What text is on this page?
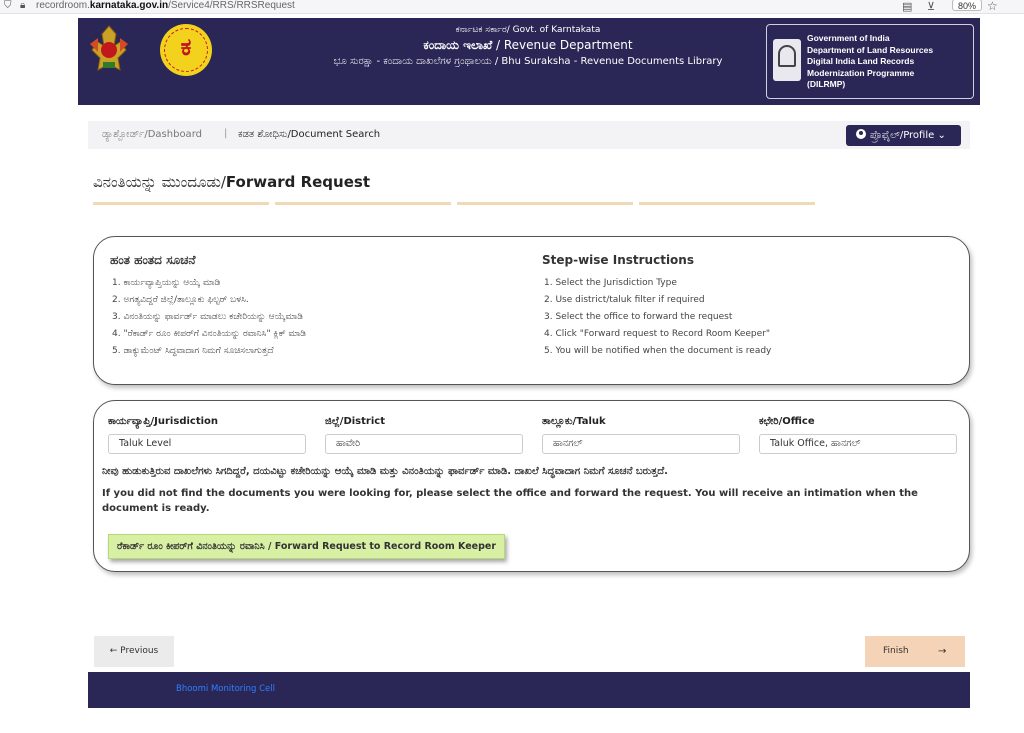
⛉ 🔒︎ recordroom.karnataka.gov.in/Service4/RRS/RRSRequest	▤ ⊻	80% ☆
ಕ
ಕರ್ನಾಟಕ ಸರ್ಕಾರ/ Govt. of Karntakata
ಕಂದಾಯ ಇಲಾಖೆ / Revenue Department
ಭೂ ಸುರಕ್ಷಾ - ಕಂದಾಯ ದಾಖಲೆಗಳ ಗ್ರಂಥಾಲಯ / Bhu Suraksha - Revenue Documents Library
Government of India
Department of Land Resources
Digital India Land Records
Modernization Programme
(DILRMP)
ಡ್ಯಾಶ್ಬೋರ್ಡ್/Dashboard | ಕಡತ ಶೋಧಿಸು/Document Search	ಪ್ರೊಫೈಲ್/Profile ⌄
ವಿನಂತಿಯನ್ನು ಮುಂದೂಡು/Forward Request
ಹಂತ ಹಂತದ ಸೂಚನೆ
1. ಕಾರ್ಯವ್ಯಾಪ್ತಿಯನ್ನು ಆಯ್ಕೆ ಮಾಡಿ
2. ಅಗತ್ಯವಿದ್ದರೆ ಜಿಲ್ಲೆ/ತಾಲ್ಲೂಕು ಫಿಲ್ಟರ್ ಬಳಸಿ.
3. ವಿನಂತಿಯನ್ನು ಫಾರ್ವರ್ಡ್ ಮಾಡಲು ಕಚೇರಿಯನ್ನು ಆಯ್ಕೆಮಾಡಿ
4. "ರೆಕಾರ್ಡ್ ರೂಂ ಕೀಪರ್‌ಗೆ ವಿನಂತಿಯನ್ನು ರವಾನಿಸಿ" ಕ್ಲಿಕ್ ಮಾಡಿ
5. ಡಾಕ್ಯುಮೆಂಟ್ ಸಿದ್ಧವಾದಾಗ ನಿಮಗೆ ಸೂಚಿಸಲಾಗುತ್ತದೆ
Step-wise Instructions
1. Select the Jurisdiction Type
2. Use district/taluk filter if required
3. Select the office to forward the request
4. Click "Forward request to Record Room Keeper"
5. You will be notified when the document is ready
ಕಾರ್ಯವ್ಯಾಪ್ತಿ/Jurisdiction
Taluk Level
ಜಿಲ್ಲೆ/District
ಹಾವೇರಿ
ತಾಲ್ಲೂಕು/Taluk
ಹಾನಗಲ್
ಕಛೇರಿ/Office
Taluk Office, ಹಾನಗಲ್
ನೀವು ಹುಡುಕುತ್ತಿರುವ ದಾಖಲೆಗಳು ಸಿಗದಿದ್ದರೆ, ದಯವಿಟ್ಟು ಕಚೇರಿಯನ್ನು ಆಯ್ಕೆ ಮಾಡಿ ಮತ್ತು ವಿನಂತಿಯನ್ನು ಫಾರ್ವರ್ಡ್ ಮಾಡಿ. ದಾಖಲೆ ಸಿದ್ಧವಾದಾಗ ನಿಮಗೆ ಸೂಚನೆ ಬರುತ್ತದೆ.
If you did not find the documents you were looking for, please select the office and forward the request. You will receive an intimation when the document is ready.
ರೆಕಾರ್ಡ್ ರೂಂ ಕೀಪರ್‌ಗೆ ವಿನಂತಿಯನ್ನು ರವಾನಿಸಿ / Forward Request to Record Room Keeper
← Previous	Finish	→
Bhoomi Monitoring Cell
